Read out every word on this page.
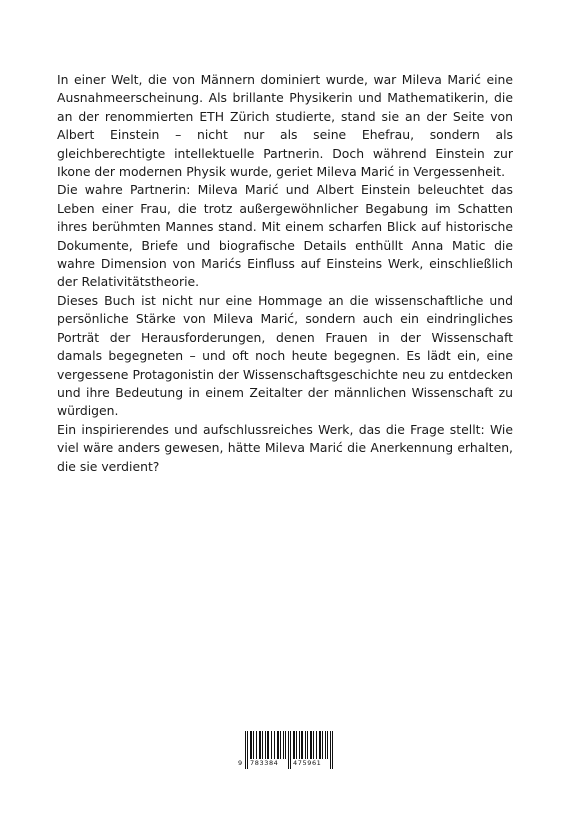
In einer Welt, die von Männern dominiert wurde, war Mileva Marić eine Ausnahmeerscheinung. Als brillante Physikerin und Mathematikerin, die an der renommierten ETH Zürich studierte, stand sie an der Seite von Albert Einstein – nicht nur als seine Ehefrau, sondern als gleichberechtigte intellektuelle Partnerin. Doch während Einstein zur Ikone der modernen Physik wurde, geriet Mileva Marić in Vergessenheit.

Die wahre Partnerin: Mileva Marić und Albert Einstein beleuchtet das Leben einer Frau, die trotz außergewöhnlicher Begabung im Schatten ihres berühmten Mannes stand. Mit einem scharfen Blick auf historische Dokumente, Briefe und biografische Details enthüllt Anna Matic die wahre Dimension von Marićs Einfluss auf Einsteins Werk, einschließlich der Relativitätstheorie.

Dieses Buch ist nicht nur eine Hommage an die wissenschaftliche und persönliche Stärke von Mileva Marić, sondern auch ein eindringliches Porträt der Herausforderungen, denen Frauen in der Wissenschaft damals begegneten – und oft noch heute begegnen. Es lädt ein, eine vergessene Protagonistin der Wissenschaftsgeschichte neu zu entdecken und ihre Bedeutung in einem Zeitalter der männlichen Wissenschaft zu würdigen.

Ein inspirierendes und aufschlussreiches Werk, das die Frage stellt: Wie viel wäre anders gewesen, hätte Mileva Marić die Anerkennung erhalten, die sie verdient?

9 783384 475961
